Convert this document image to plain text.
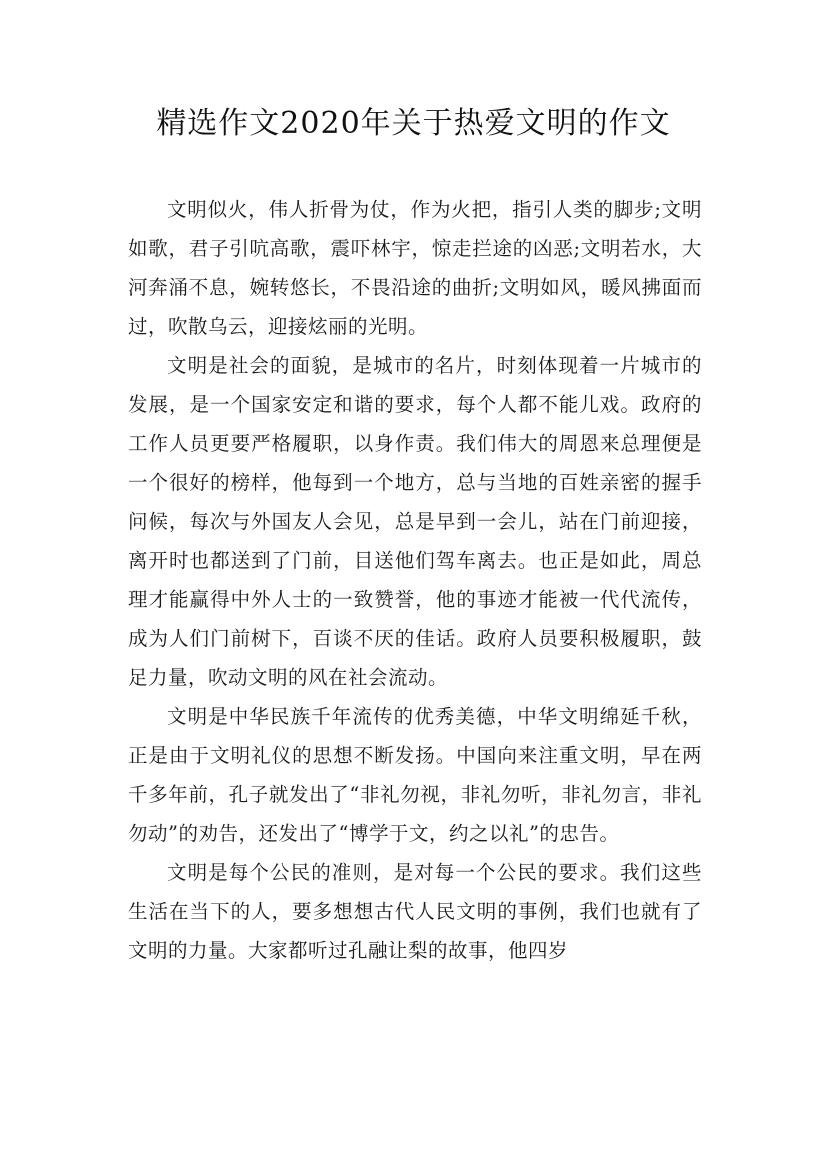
精选作文2020年关于热爱文明的作文

文明似火，伟人折骨为仗，作为火把，指引人类的脚步;文明如歌，君子引吭高歌，震吓林宇，惊走拦途的凶恶;文明若水，大河奔涌不息，婉转悠长，不畏沿途的曲折;文明如风，暖风拂面而过，吹散乌云，迎接炫丽的光明。

文明是社会的面貌，是城市的名片，时刻体现着一片城市的发展，是一个国家安定和谐的要求，每个人都不能儿戏。政府的工作人员更要严格履职，以身作责。我们伟大的周恩来总理便是一个很好的榜样，他每到一个地方，总与当地的百姓亲密的握手问候，每次与外国友人会见，总是早到一会儿，站在门前迎接，离开时也都送到了门前，目送他们驾车离去。也正是如此，周总理才能赢得中外人士的一致赞誉，他的事迹才能被一代代流传，成为人们门前树下，百谈不厌的佳话。政府人员要积极履职，鼓足力量，吹动文明的风在社会流动。

文明是中华民族千年流传的优秀美德，中华文明绵延千秋，正是由于文明礼仪的思想不断发扬。中国向来注重文明，早在两千多年前，孔子就发出了“非礼勿视，非礼勿听，非礼勿言，非礼勿动”的劝告，还发出了“博学于文，约之以礼”的忠告。

文明是每个公民的准则，是对每一个公民的要求。我们这些生活在当下的人，要多想想古代人民文明的事例，我们也就有了文明的力量。大家都听过孔融让梨的故事，他四岁
